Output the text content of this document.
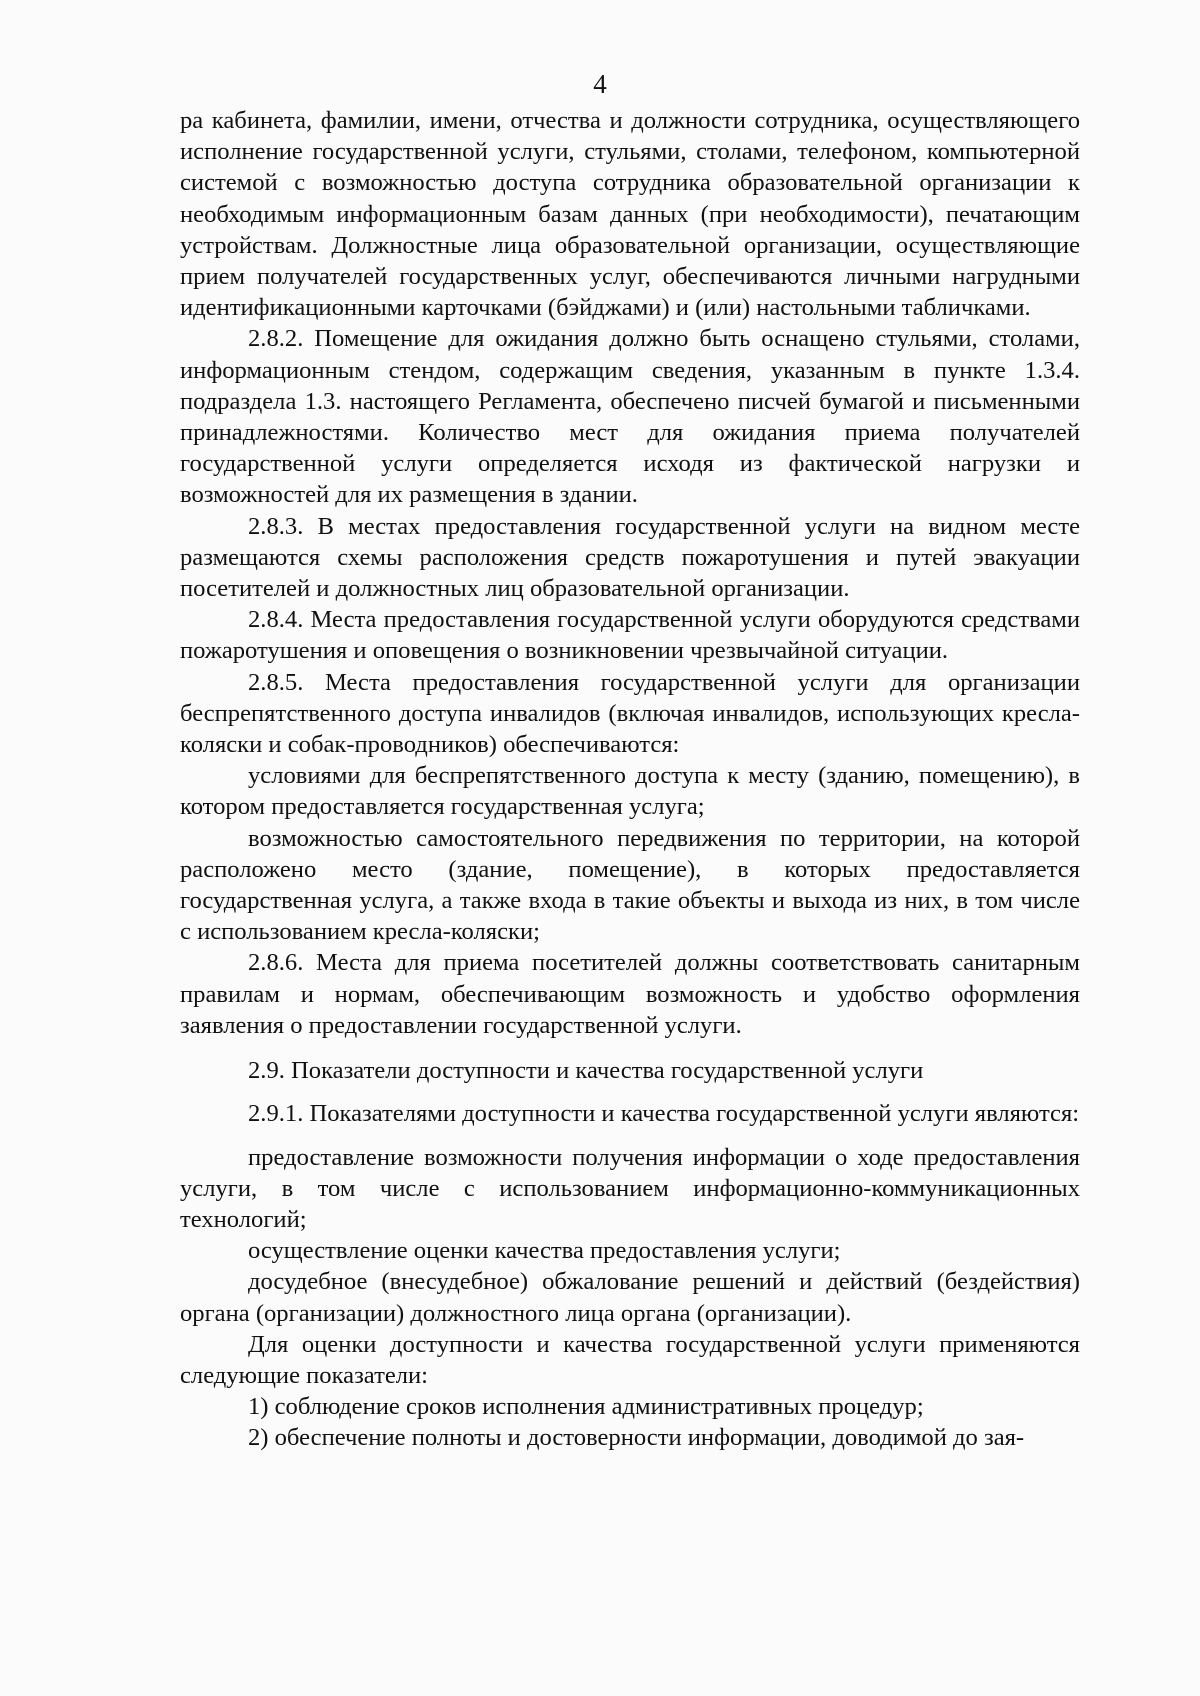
4

ра кабинета, фамилии, имени, отчества и должности сотрудника, осуществляющего исполнение государственной услуги, стульями, столами, телефоном, компьютерной системой с возможностью доступа сотрудника образовательной организации к необходимым информационным базам данных (при необходимости), печатающим устройствам. Должностные лица образовательной организации, осуществляющие прием получателей государственных услуг, обеспечиваются личными нагрудными идентификационными карточками (бэйджами) и (или) настольными табличками.

2.8.2. Помещение для ожидания должно быть оснащено стульями, столами, информационным стендом, содержащим сведения, указанным в пункте 1.3.4. подраздела 1.3. настоящего Регламента, обеспечено писчей бумагой и письменными принадлежностями. Количество мест для ожидания приема получателей государственной услуги определяется исходя из фактической нагрузки и возможностей для их размещения в здании.

2.8.3. В местах предоставления государственной услуги на видном месте размещаются схемы расположения средств пожаротушения и путей эвакуации посетителей и должностных лиц образовательной организации.

2.8.4. Места предоставления государственной услуги оборудуются средствами пожаротушения и оповещения о возникновении чрезвычайной ситуации.

2.8.5. Места предоставления государственной услуги для организации беспрепятственного доступа инвалидов (включая инвалидов, использующих кресла-коляски и собак-проводников) обеспечиваются:

условиями для беспрепятственного доступа к месту (зданию, помещению), в котором предоставляется государственная услуга;

возможностью самостоятельного передвижения по территории, на которой расположено место (здание, помещение), в которых предоставляется государственная услуга, а также входа в такие объекты и выхода из них, в том числе с использованием кресла-коляски;

2.8.6. Места для приема посетителей должны соответствовать санитарным правилам и нормам, обеспечивающим возможность и удобство оформления заявления о предоставлении государственной услуги.

2.9. Показатели доступности и качества государственной услуги

2.9.1. Показателями доступности и качества государственной услуги являются:

предоставление возможности получения информации о ходе предоставления услуги, в том числе с использованием информационно-коммуникационных технологий;

осуществление оценки качества предоставления услуги;

досудебное (внесудебное) обжалование решений и действий (бездействия) органа (организации) должностного лица органа (организации).

Для оценки доступности и качества государственной услуги применяются следующие показатели:

1) соблюдение сроков исполнения административных процедур;

2) обеспечение полноты и достоверности информации, доводимой до зая-
